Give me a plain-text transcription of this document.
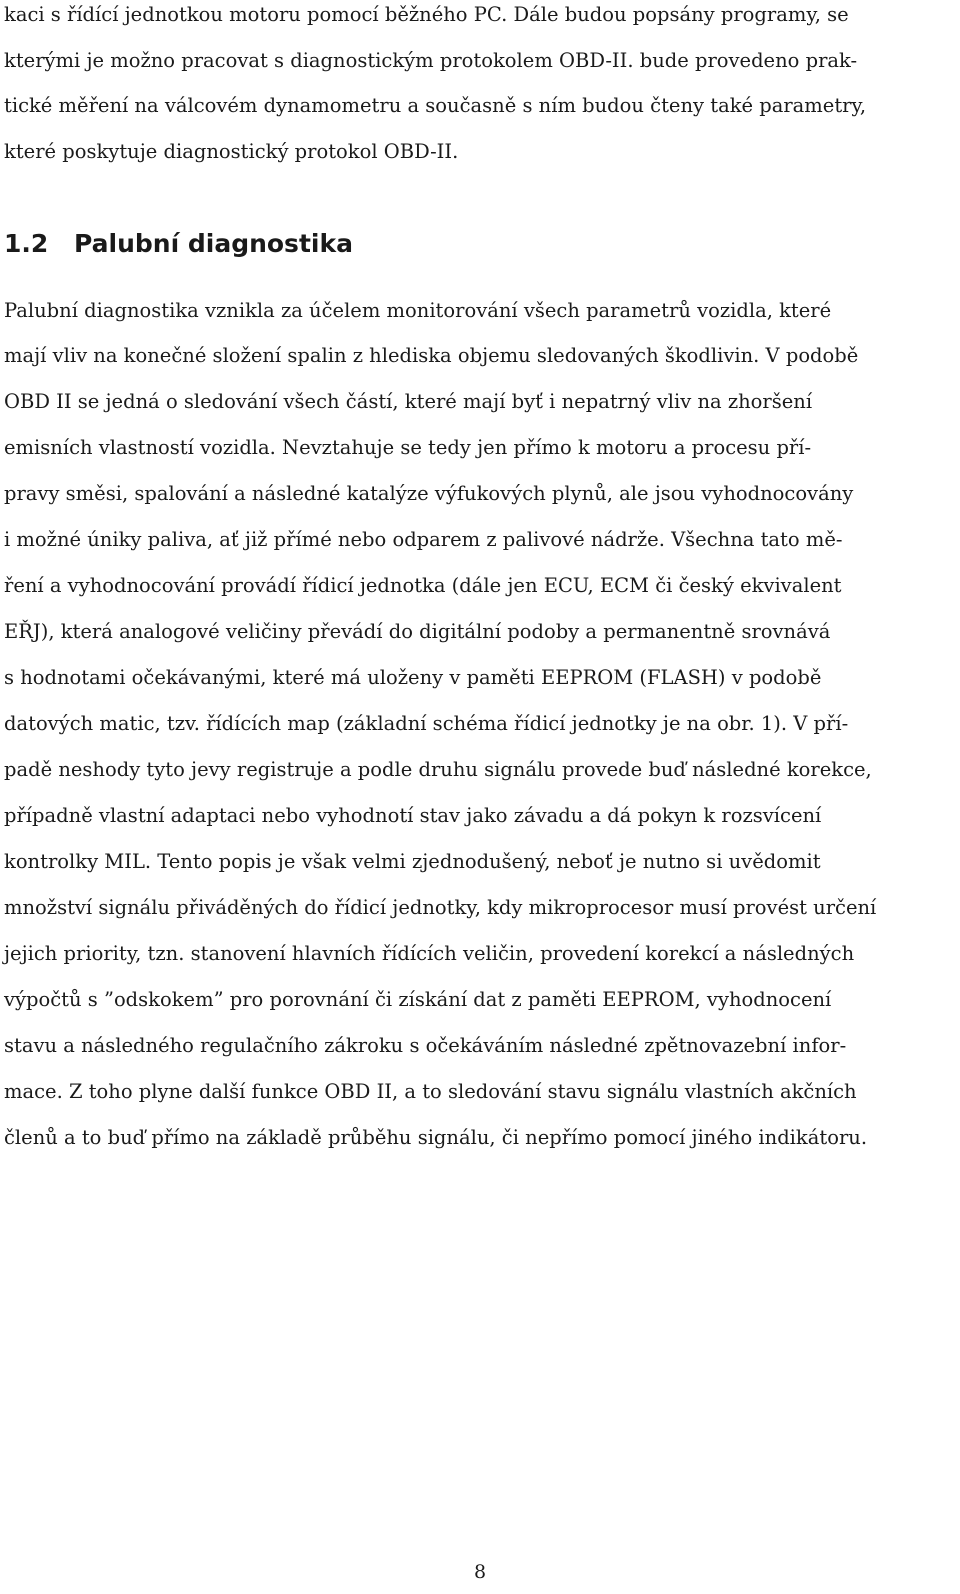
kaci s řídící jednotkou motoru pomocí běžného PC. Dále budou popsány programy, se
kterými je možno pracovat s diagnostickým protokolem OBD-II. bude provedeno prak-
tické měření na válcovém dynamometru a současně s ním budou čteny také parametry,
které poskytuje diagnostický protokol OBD-II.
1.2 Palubní diagnostika
Palubní diagnostika vznikla za účelem monitorování všech parametrů vozidla, které
mají vliv na konečné složení spalin z hlediska objemu sledovaných škodlivin. V podobě
OBD II se jedná o sledování všech částí, které mají byť i nepatrný vliv na zhoršení
emisních vlastností vozidla. Nevztahuje se tedy jen přímo k motoru a procesu pří-
pravy směsi, spalování a následné katalýze výfukových plynů, ale jsou vyhodnocovány
i možné úniky paliva, ať již přímé nebo odparem z palivové nádrže. Všechna tato mě-
ření a vyhodnocování provádí řídicí jednotka (dále jen ECU, ECM či český ekvivalent
EŘJ), která analogové veličiny převádí do digitální podoby a permanentně srovnává
s hodnotami očekávanými, které má uloženy v paměti EEPROM (FLASH) v podobě
datových matic, tzv. řídících map (základní schéma řídicí jednotky je na obr. 1). V pří-
padě neshody tyto jevy registruje a podle druhu signálu provede buď následné korekce,
případně vlastní adaptaci nebo vyhodnotí stav jako závadu a dá pokyn k rozsvícení
kontrolky MIL. Tento popis je však velmi zjednodušený, neboť je nutno si uvědomit
množství signálu přiváděných do řídicí jednotky, kdy mikroprocesor musí provést určení
jejich priority, tzn. stanovení hlavních řídících veličin, provedení korekcí a následných
výpočtů s ”odskokem” pro porovnání či získání dat z paměti EEPROM, vyhodnocení
stavu a následného regulačního zákroku s očekáváním následné zpětnovazební infor-
mace. Z toho plyne další funkce OBD II, a to sledování stavu signálu vlastních akčních
členů a to buď přímo na základě průběhu signálu, či nepřímo pomocí jiného indikátoru.
8
